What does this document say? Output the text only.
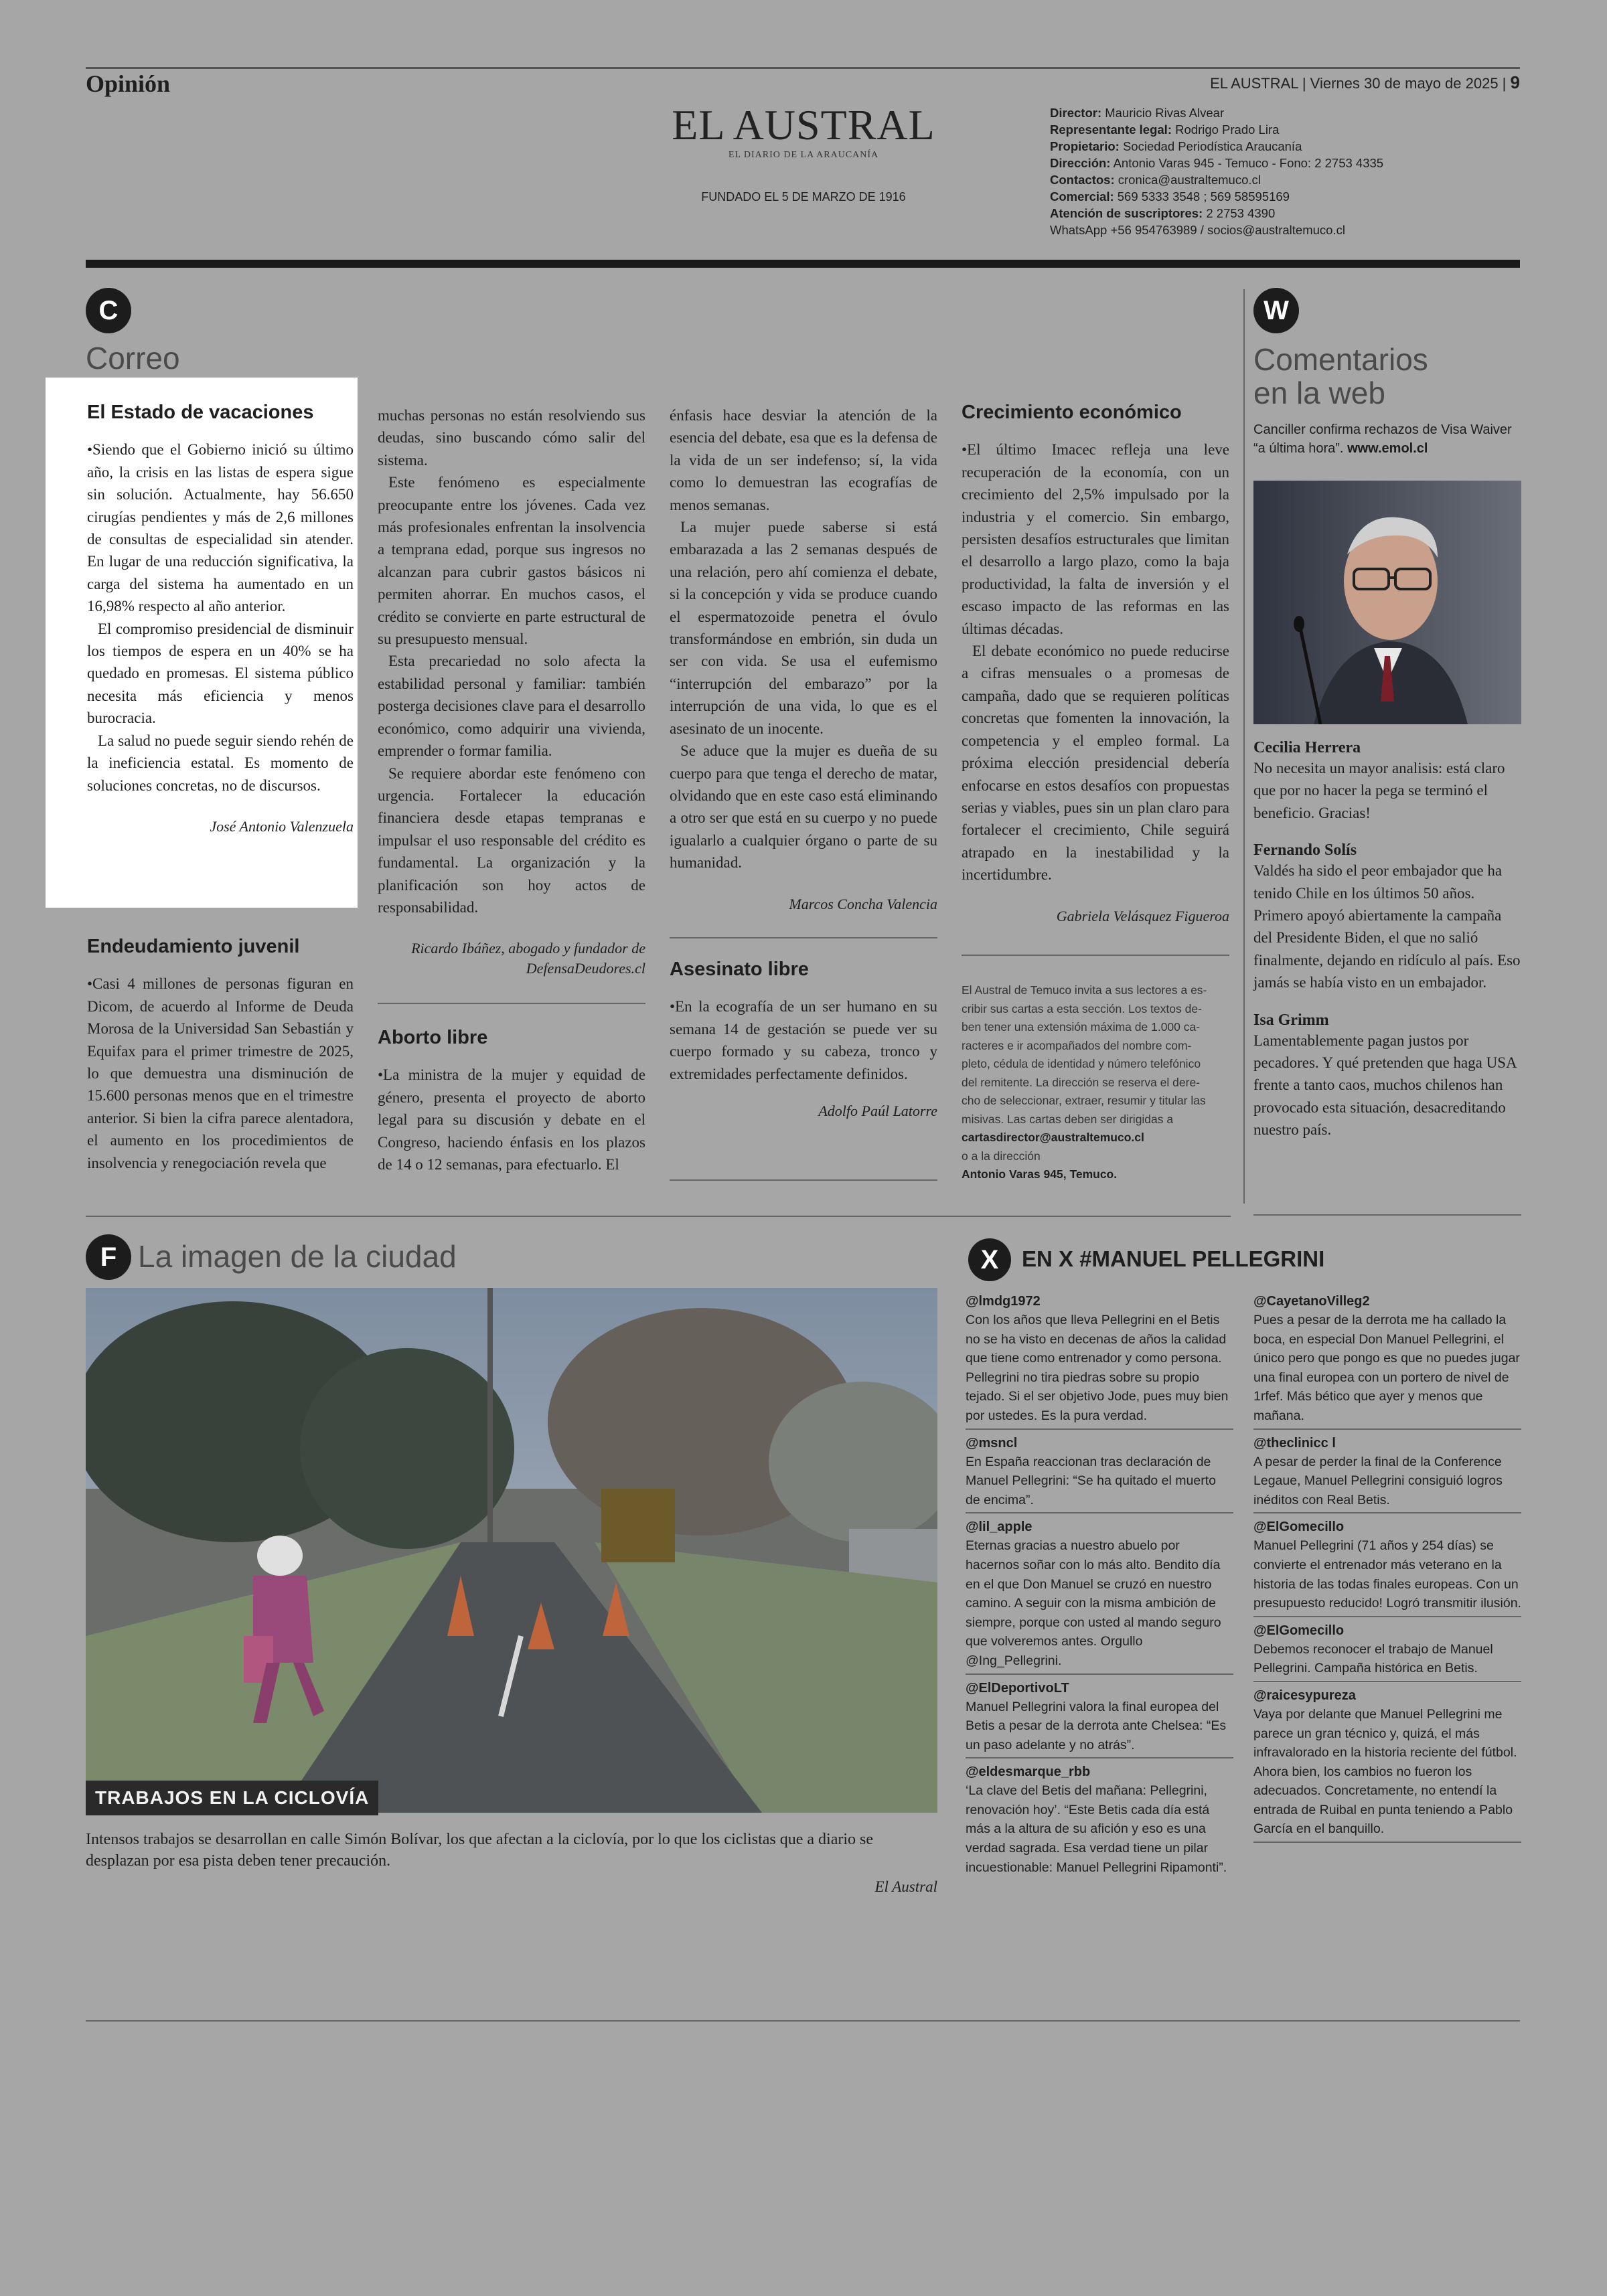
Opinión	EL AUSTRAL | Viernes 30 de mayo de 2025 | 9
EL AUSTRAL
EL DIARIO DE LA ARAUCANÍA
FUNDADO EL 5 DE MARZO DE 1916
Director: Mauricio Rivas Alvear
Representante legal: Rodrigo Prado Lira
Propietario: Sociedad Periodística Araucanía
Dirección: Antonio Varas 945 - Temuco - Fono: 2 2753 4335
Contactos: cronica@australtemuco.cl
Comercial: 569 5333 3548 ; 569 58595169
Atención de suscriptores: 2 2753 4390
WhatsApp +56 954763989 / socios@australtemuco.cl
C
Correo
El Estado de vacaciones

•Siendo que el Gobierno inició su último año, la crisis en las listas de espera sigue sin solución. Actualmente, hay 56.650 cirugías pendientes y más de 2,6 millones de consultas de especialidad sin atender. En lugar de una reducción significativa, la carga del sistema ha aumentado en un 16,98% respecto al año anterior.

El compromiso presidencial de disminuir los tiempos de espera en un 40% se ha quedado en promesas. El sistema público necesita más eficiencia y menos burocracia.

La salud no puede seguir siendo rehén de la ineficiencia estatal. Es momento de soluciones concretas, no de discursos.

José Antonio Valenzuela
Endeudamiento juvenil

•Casi 4 millones de personas figuran en Dicom, de acuerdo al Informe de Deuda Morosa de la Universidad San Sebastián y Equifax para el primer trimestre de 2025, lo que demuestra una disminución de 15.600 personas menos que en el trimestre anterior. Si bien la cifra parece alentadora, el aumento en los procedimientos de insolvencia y renegociación revela que

muchas personas no están resolviendo sus deudas, sino buscando cómo salir del sistema.

Este fenómeno es especialmente preocupante entre los jóvenes. Cada vez más profesionales enfrentan la insolvencia a temprana edad, porque sus ingresos no alcanzan para cubrir gastos básicos ni permiten ahorrar. En muchos casos, el crédito se convierte en parte estructural de su presupuesto mensual.

Esta precariedad no solo afecta la estabilidad personal y familiar: también posterga decisiones clave para el desarrollo económico, como adquirir una vivienda, emprender o formar familia.

Se requiere abordar este fenómeno con urgencia. Fortalecer la educación financiera desde etapas tempranas e impulsar el uso responsable del crédito es fundamental. La organización y la planificación son hoy actos de responsabilidad.

Ricardo Ibáñez, abogado y fundador de DefensaDeudores.cl
Aborto libre

•La ministra de la mujer y equidad de género, presenta el proyecto de aborto legal para su discusión y debate en el Congreso, haciendo énfasis en los plazos de 14 o 12 semanas, para efectuarlo. El

énfasis hace desviar la atención de la esencia del debate, esa que es la defensa de la vida de un ser indefenso; sí, la vida como lo demuestran las ecografías de menos semanas.

La mujer puede saberse si está embarazada a las 2 semanas después de una relación, pero ahí comienza el debate, si la concepción y vida se produce cuando el espermatozoide penetra el óvulo transformándose en embrión, sin duda un ser con vida. Se usa el eufemismo “interrupción del embarazo” por la interrupción de una vida, lo que es el asesinato de un inocente.

Se aduce que la mujer es dueña de su cuerpo para que tenga el derecho de matar, olvidando que en este caso está eliminando a otro ser que está en su cuerpo y no puede igualarlo a cualquier órgano o parte de su humanidad.

Marcos Concha Valencia
Asesinato libre

•En la ecografía de un ser humano en su semana 14 de gestación se puede ver su cuerpo formado y su cabeza, tronco y extremidades perfectamente definidos.

Adolfo Paúl Latorre
Crecimiento económico

•El último Imacec refleja una leve recuperación de la economía, con un crecimiento del 2,5% impulsado por la industria y el comercio. Sin embargo, persisten desafíos estructurales que limitan el desarrollo a largo plazo, como la baja productividad, la falta de inversión y el escaso impacto de las reformas en las últimas décadas.

El debate económico no puede reducirse a cifras mensuales o a promesas de campaña, dado que se requieren políticas concretas que fomenten la innovación, la competencia y el empleo formal. La próxima elección presidencial debería enfocarse en estos desafíos con propuestas serias y viables, pues sin un plan claro para fortalecer el crecimiento, Chile seguirá atrapado en la inestabilidad y la incertidumbre.

Gabriela Velásquez Figueroa
El Austral de Temuco invita a sus lectores a es-
cribir sus cartas a esta sección. Los textos de-
ben tener una extensión máxima de 1.000 ca-
racteres e ir acompañados del nombre com-
pleto, cédula de identidad y número telefónico
del remitente. La dirección se reserva el dere-
cho de seleccionar, extraer, resumir y titular las
misivas. Las cartas deben ser dirigidas a
cartasdirector@australtemuco.cl
o a la dirección
Antonio Varas 945, Temuco.
W
Comentarios
en la web
Canciller confirma rechazos de Visa Waiver “a última hora”. www.emol.cl
Cecilia Herrera
No necesita un mayor analisis: está claro que por no hacer la pega se terminó el beneficio. Gracias!
Fernando Solís
Valdés ha sido el peor embajador que ha tenido Chile en los últimos 50 años. Primero apoyó abiertamente la campaña del Presidente Biden, el que no salió finalmente, dejando en ridículo al país. Eso jamás se había visto en un embajador.
Isa Grimm
Lamentablemente pagan justos por pecadores. Y qué pretenden que haga USA frente a tanto caos, muchos chilenos han provocado esta situación, desacreditando nuestro país.
F La imagen de la ciudad
TRABAJOS EN LA CICLOVÍA
Intensos trabajos se desarrollan en calle Simón Bolívar, los que afectan a la ciclovía, por lo que los ciclistas que a diario se desplazan por esa pista deben tener precaución.
El Austral
X	EN X #MANUEL PELLEGRINI
@lmdg1972
Con los años que lleva Pellegrini en el Betis no se ha visto en decenas de años la calidad que tiene como entrenador y como persona. Pellegrini no tira piedras sobre su propio tejado. Si el ser objetivo Jode, pues muy bien por ustedes. Es la pura verdad.
@msncl
En España reaccionan tras declaración de Manuel Pellegrini: “Se ha quitado el muerto de encima”.
@lil_apple
Eternas gracias a nuestro abuelo por hacernos soñar con lo más alto. Bendito día en el que Don Manuel se cruzó en nuestro camino. A seguir con la misma ambición de siempre, porque con usted al mando seguro que volveremos antes. Orgullo @Ing_Pellegrini.
@ElDeportivoLT
Manuel Pellegrini valora la final europea del Betis a pesar de la derrota ante Chelsea: “Es un paso adelante y no atrás”.
@eldesmarque_rbb
‘La clave del Betis del mañana: Pellegrini, renovación hoy’. “Este Betis cada día está más a la altura de su afición y eso es una verdad sagrada. Esa verdad tiene un pilar incuestionable: Manuel Pellegrini Ripamonti”.
@CayetanoVilleg2
Pues a pesar de la derrota me ha callado la boca, en especial Don Manuel Pellegrini, el único pero que pongo es que no puedes jugar una final europea con un portero de nivel de 1rfef. Más bético que ayer y menos que mañana.
@theclinicc l
A pesar de perder la final de la Conference Legaue, Manuel Pellegrini consiguió logros inéditos con Real Betis.
@ElGomecillo
Manuel Pellegrini (71 años y 254 días) se convierte el entrenador más veterano en la historia de las todas finales europeas. Con un presupuesto reducido! Logró transmitir ilusión.
@ElGomecillo
Debemos reconocer el trabajo de Manuel Pellegrini. Campaña histórica en Betis.
@raicesypureza
Vaya por delante que Manuel Pellegrini me parece un gran técnico y, quizá, el más infravalorado en la historia reciente del fútbol. Ahora bien, los cambios no fueron los adecuados. Concretamente, no entendí la entrada de Ruibal en punta teniendo a Pablo García en el banquillo.
